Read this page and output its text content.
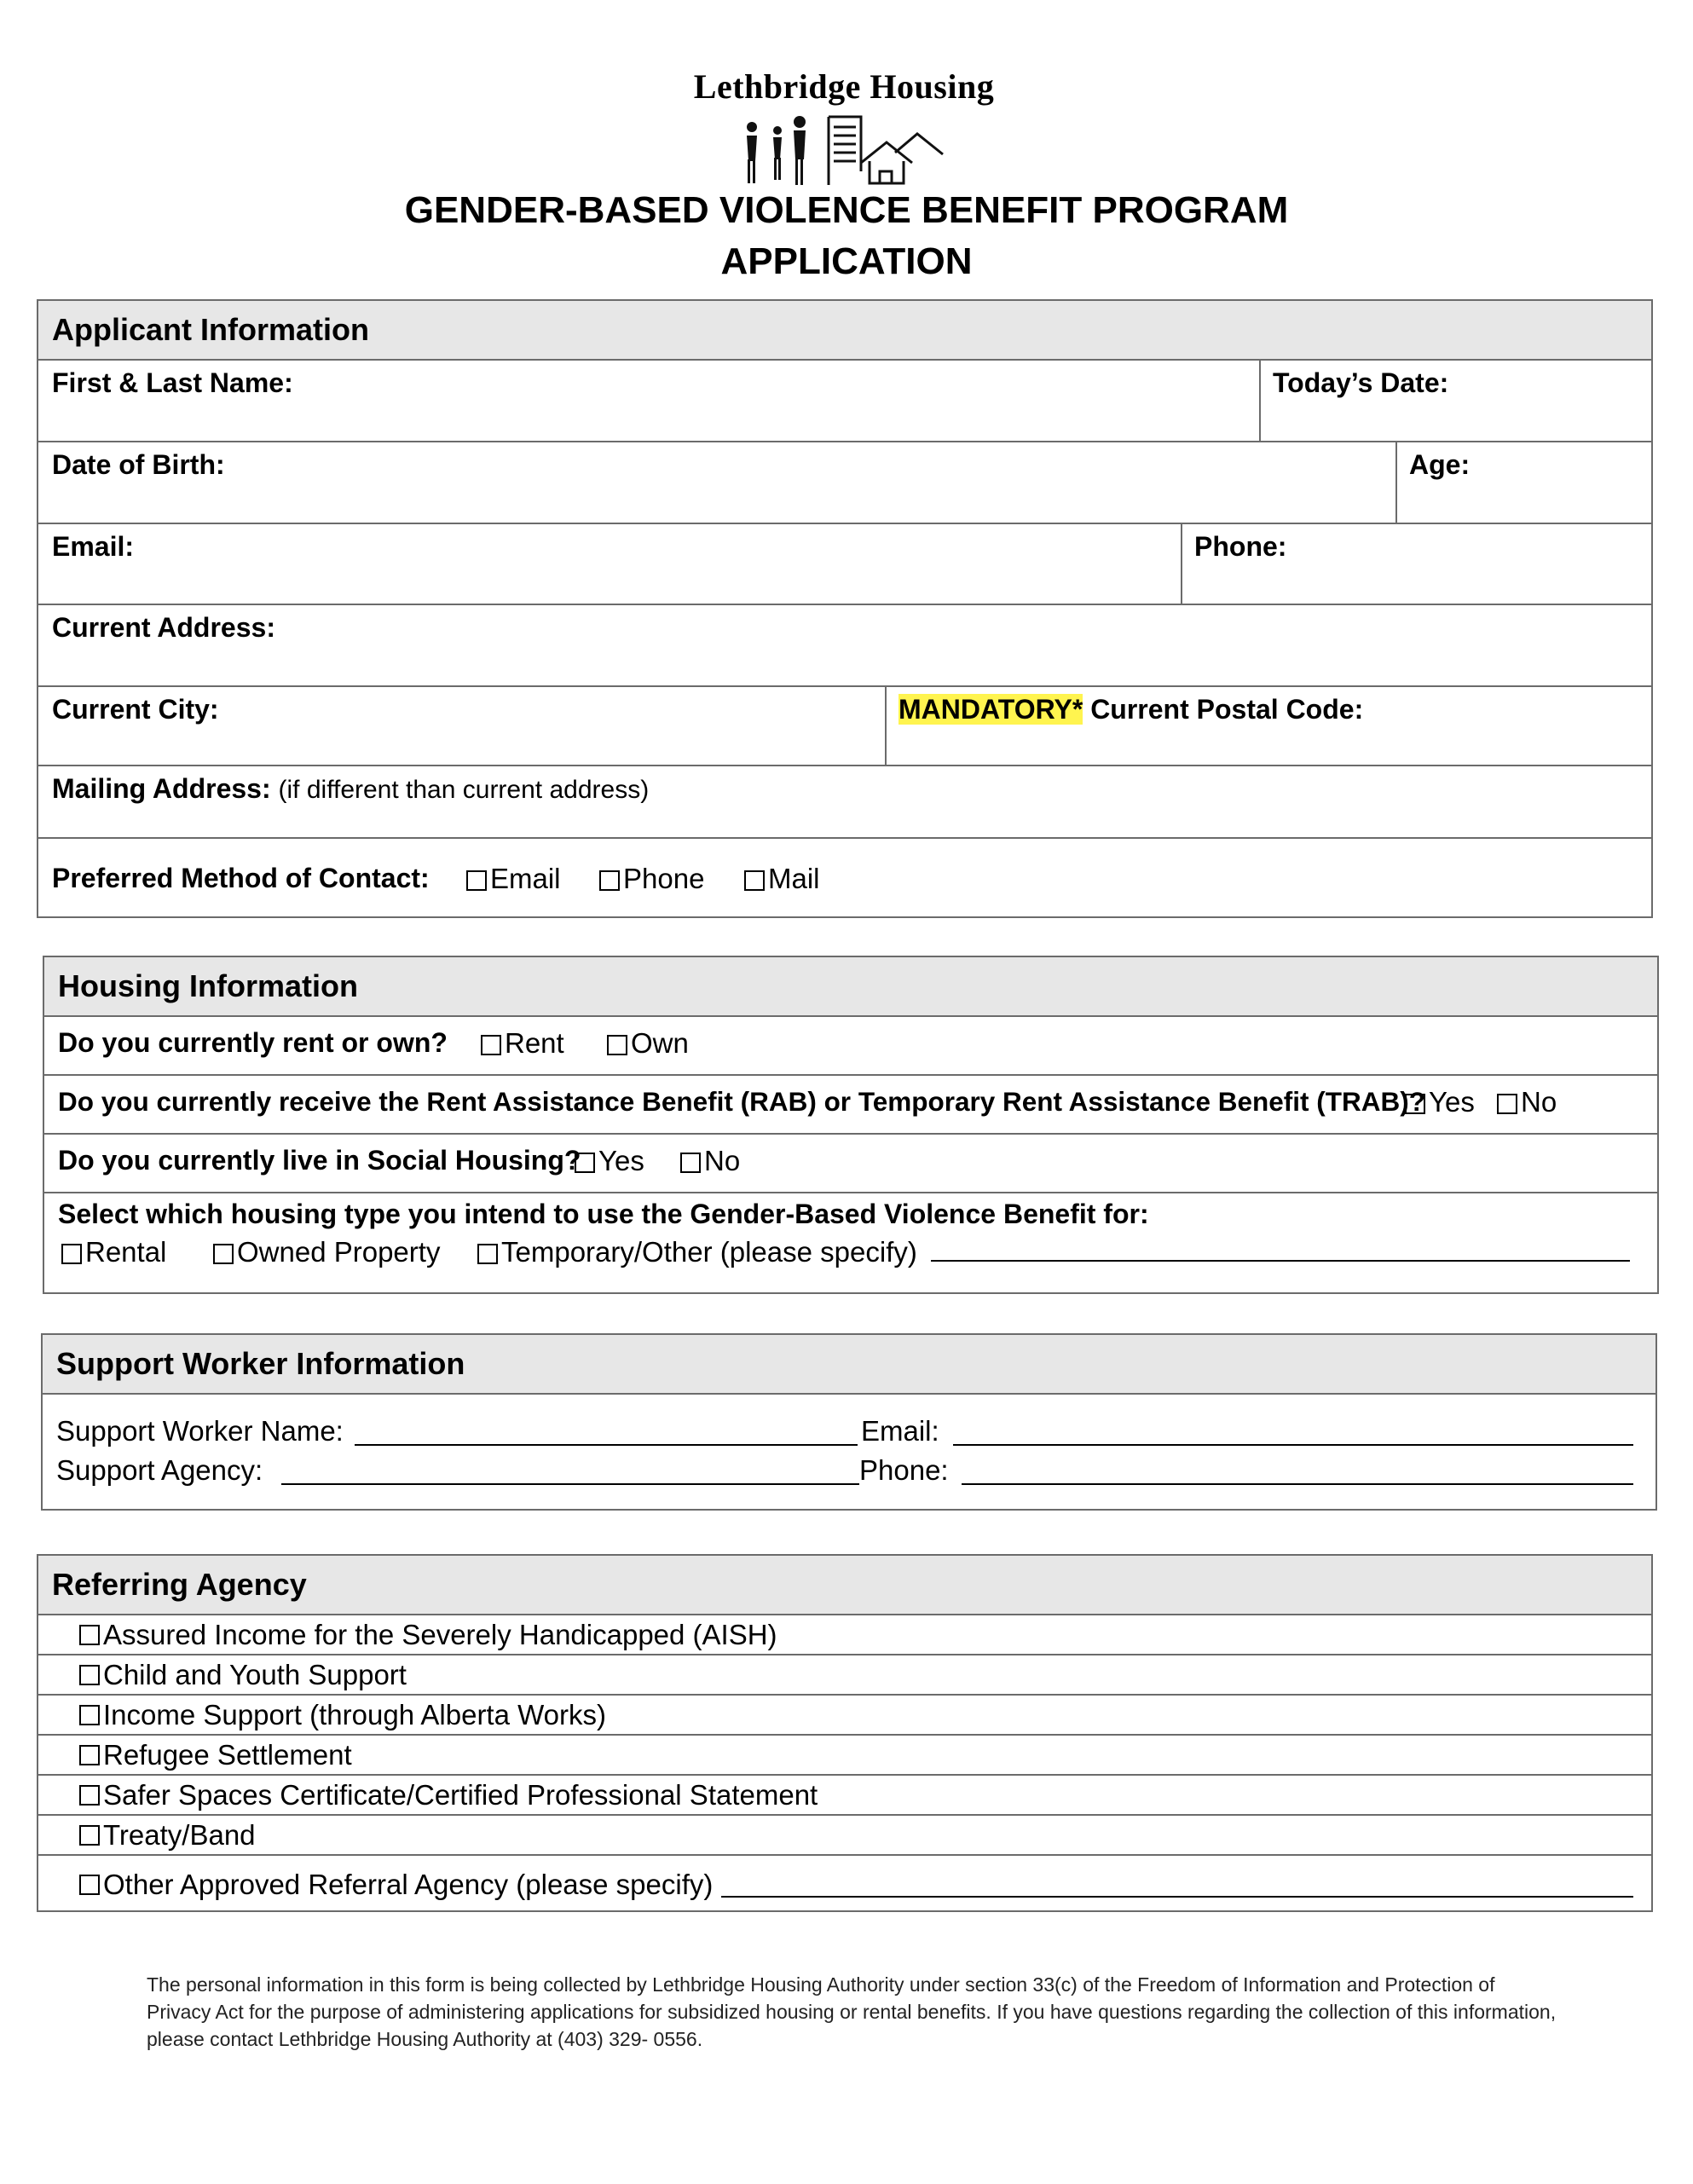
Lethbridge Housing
GENDER-BASED VIOLENCE BENEFIT PROGRAM
APPLICATION
Applicant Information
First & Last Name:	Today’s Date:
Date of Birth:	Age:
Email:	Phone:
Current Address:
Current City:	MANDATORY* Current Postal Code:
Mailing Address: (if different than current address)
Preferred Method of Contact:	Email	Phone	Mail
Housing Information
Do you currently rent or own?	Rent	Own
Do you currently receive the Rent Assistance Benefit (RAB) or Temporary Rent Assistance Benefit (TRAB)? Yes	No
Do you currently live in Social Housing? Yes	No
Select which housing type you intend to use the Gender-Based Violence Benefit for:
Rental	Owned Property	Temporary/Other (please specify)
Support Worker Information
Support Worker Name:	Email:
Support Agency:	Phone:
Referring Agency
Assured Income for the Severely Handicapped (AISH)
Child and Youth Support
Income Support (through Alberta Works)
Refugee Settlement
Safer Spaces Certificate/Certified Professional Statement
Treaty/Band
Other Approved Referral Agency (please specify)
The personal information in this form is being collected by Lethbridge Housing Authority under section 33(c) of the Freedom of Information and Protection of Privacy Act for the purpose of administering applications for subsidized housing or rental benefits. If you have questions regarding the collection of this information, please contact Lethbridge Housing Authority at (403) 329- 0556.
